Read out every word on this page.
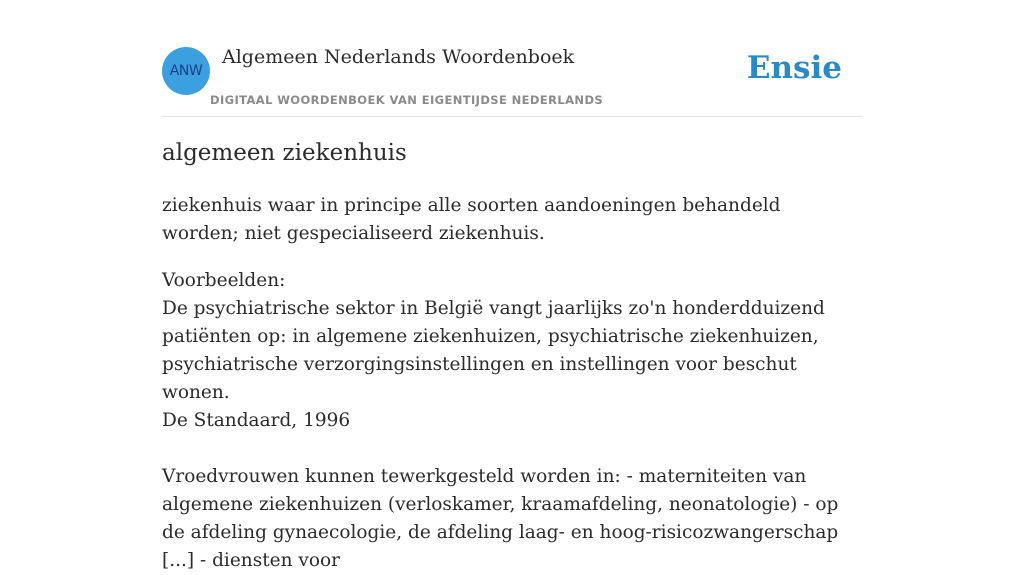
ANW
Algemeen Nederlands Woordenboek
DIGITAAL WOORDENBOEK VAN EIGENTIJDSE NEDERLANDS
Ensie
algemeen ziekenhuis

ziekenhuis waar in principe alle soorten aandoeningen behandeld worden; niet gespecialiseerd ziekenhuis.

Voorbeelden:
De psychiatrische sektor in België vangt jaarlijks zo'n honderdduizend patiënten op: in algemene ziekenhuizen, psychiatrische ziekenhuizen, psychiatrische verzorgingsinstellingen en instellingen voor beschut wonen.
De Standaard, 1996
Vroedvrouwen kunnen tewerkgesteld worden in: - materniteiten van algemene ziekenhuizen (verloskamer, kraamafdeling, neonatologie) - op de afdeling gynaecologie, de afdeling laag- en hoog-risicozwangerschap [...] - diensten voor
